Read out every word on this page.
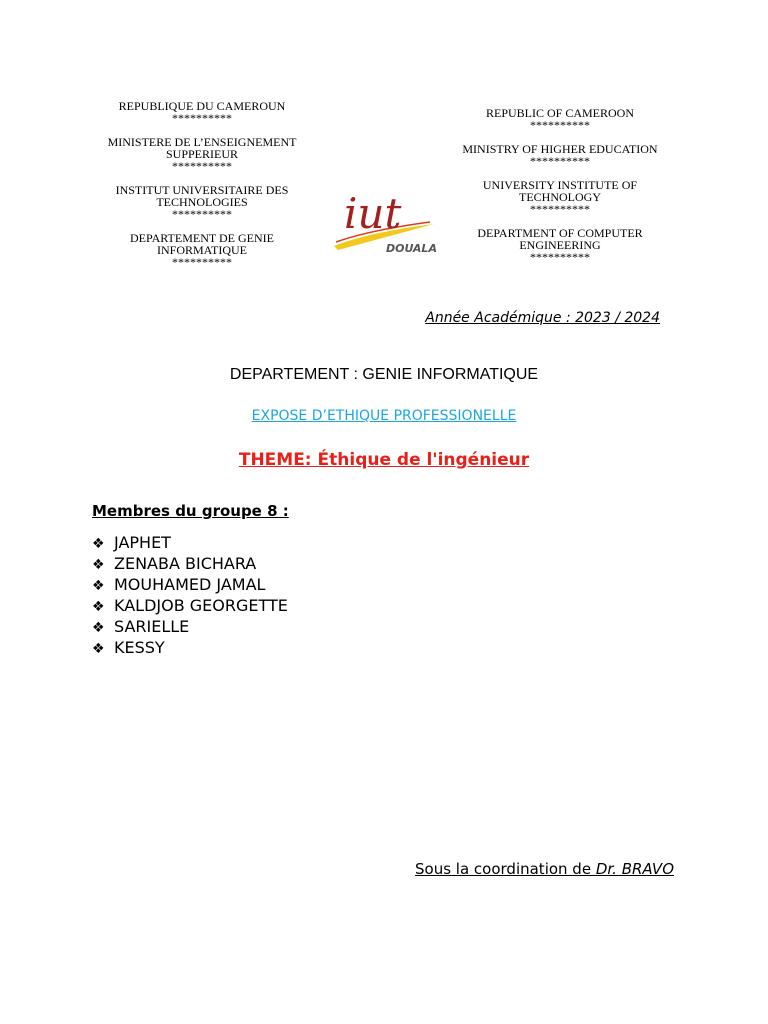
REPUBLIQUE DU CAMEROUN
**********
MINISTERE DE L’ENSEIGNEMENT
SUPPERIEUR
**********
INSTITUT UNIVERSITAIRE DES
TECHNOLOGIES
**********
DEPARTEMENT DE GENIE
INFORMATIQUE
**********
REPUBLIC OF CAMEROON
**********
MINISTRY OF HIGHER EDUCATION
**********
UNIVERSITY INSTITUTE OF
TECHNOLOGY
**********
DEPARTMENT OF COMPUTER
ENGINEERING
**********
iut
DOUALA
Année Académique : 2023 / 2024
DEPARTEMENT : GENIE INFORMATIQUE
EXPOSE D’ETHIQUE PROFESSIONELLE
THEME: Éthique de l'ingénieur
Membres du groupe 8 :
❖ JAPHET
❖ ZENABA BICHARA
❖ MOUHAMED JAMAL
❖ KALDJOB GEORGETTE
❖ SARIELLE
❖ KESSY
Sous la coordination de Dr. BRAVO
